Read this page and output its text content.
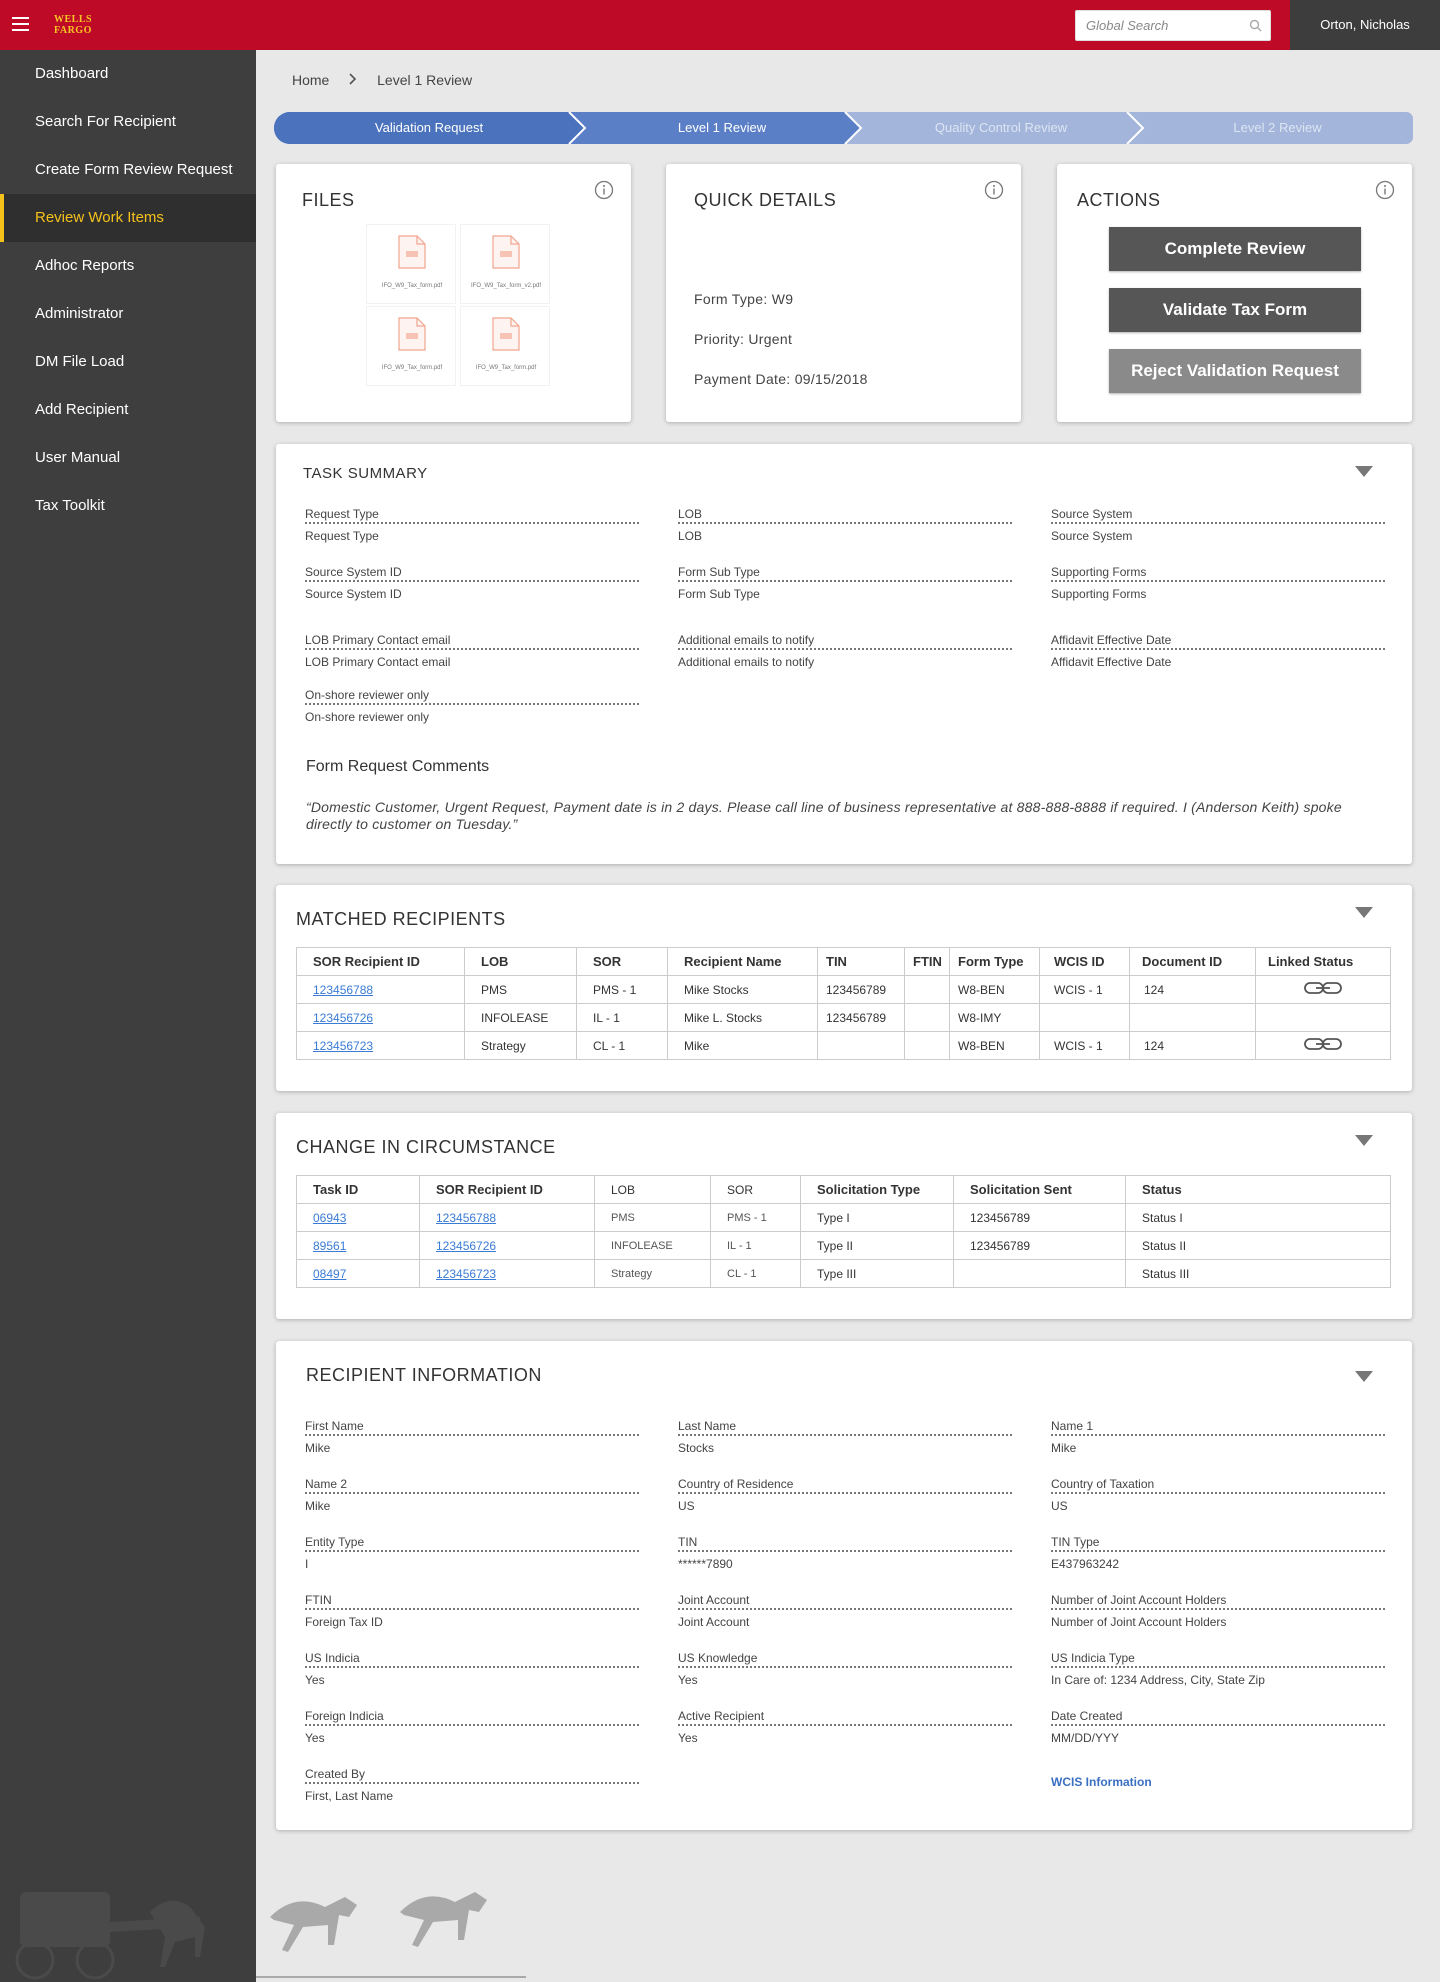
WELLS
FARGO
Global Search	Orton, Nicholas
Dashboard
Search For Recipient
Create Form Review Request
Review Work Items
Adhoc Reports
Administrator
DM File Load
Add Recipient
User Manual
Tax Toolkit
Home	Level 1 Review
Validation Request	Level 1 Review	Quality Control Review	Level 2 Review
FILES
IFO_W9_Tax_form.pdf	IFO_W9_Tax_form_v2.pdf
IFO_W9_Tax_form.pdf	IFO_W9_Tax_form.pdf
QUICK DETAILS
Form Type: W9
Priority: Urgent
Payment Date: 09/15/2018
ACTIONS
Complete Review
Validate Tax Form
Reject Validation Request
TASK SUMMARY
Request Type
Request Type
LOB
LOB
Source System
Source System
Source System ID
Source System ID
Form Sub Type
Form Sub Type
Supporting Forms
Supporting Forms
LOB Primary Contact email
LOB Primary Contact email
Additional emails to notify
Additional emails to notify
Affidavit Effective Date
Affidavit Effective Date
On-shore reviewer only
On-shore reviewer only
Form Request Comments
“Domestic Customer, Urgent Request, Payment date is in 2 days. Please call line of business representative at 888-888-8888 if required. I (Anderson Keith) spoke directly to customer on Tuesday.”
MATCHED RECIPIENTS
SOR Recipient ID	LOB	SOR	Recipient Name	TIN	FTIN	Form Type	WCIS ID	Document ID	Linked Status
123456788	PMS	PMS - 1	Mike Stocks	123456789		W8-BEN	WCIS - 1	124	
123456726	INFOLEASE	IL - 1	Mike L. Stocks	123456789		W8-IMY			
123456723	Strategy	CL - 1	Mike			W8-BEN	WCIS - 1	124	
CHANGE IN CIRCUMSTANCE
Task ID	SOR Recipient ID	LOB	SOR	Solicitation Type	Solicitation Sent	Status
06943	123456788	PMS	PMS - 1	Type I	123456789	Status I
89561	123456726	INFOLEASE	IL - 1	Type II	123456789	Status II
08497	123456723	Strategy	CL - 1	Type III		Status III
RECIPIENT INFORMATION
First Name
Mike
Last Name
Stocks
Name 1
Mike
Name 2
Mike
Country of Residence
US
Country of Taxation
US
Entity Type
I
TIN
******7890
TIN Type
E437963242
FTIN
Foreign Tax ID
Joint Account
Joint Account
Number of Joint Account Holders
Number of Joint Account Holders
US Indicia
Yes
US Knowledge
Yes
US Indicia Type
In Care of: 1234 Address, City, State Zip
Foreign Indicia
Yes
Active Recipient
Yes
Date Created
MM/DD/YYY
Created By
First, Last Name
WCIS Information
